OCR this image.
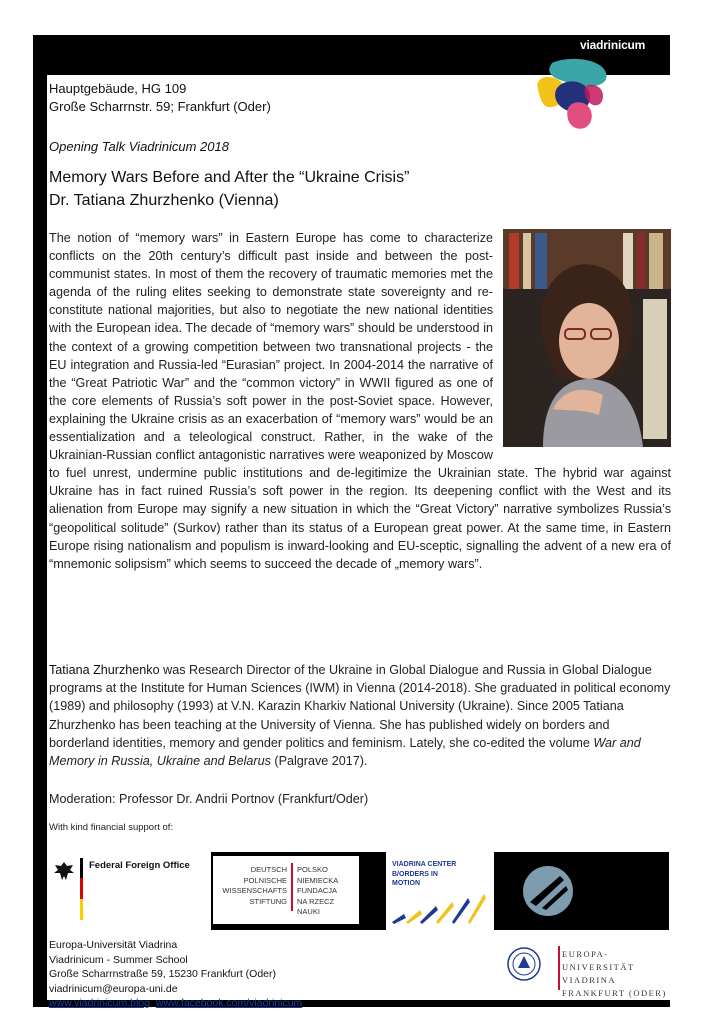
viadrinicum
Hauptgebäude, HG 109
Große Scharrnstr. 59; Frankfurt (Oder)
Opening Talk Viadrinicum 2018
Memory Wars Before and After the “Ukraine Crisis”
Dr. Tatiana Zhurzhenko (Vienna)
The notion of “memory wars” in Eastern Europe has come to characterize conflicts on the 20th century’s difficult past inside and between the post-communist states. In most of them the recovery of traumatic memories met the agenda of the ruling elites seeking to demonstrate state sovereignty and re-constitute national majorities, but also to negotiate the new national identities with the European idea. The decade of “memory wars” should be understood in the context of a growing competition between two transnational projects - the EU integration and Russia-led “Eurasian” project. In 2004-2014 the narrative of the “Great Patriotic War” and the “common victory” in WWII figured as one of the core elements of Russia’s soft power in the post-Soviet space. However, explaining the Ukraine crisis as an exacerbation of “memory wars” would be an essentialization and a teleological construct. Rather, in the wake of the Ukrainian-Russian conflict antagonistic narratives were weaponized by Moscow to fuel unrest, undermine public institutions and de-legitimize the Ukrainian state. The hybrid war against Ukraine has in fact ruined Russia’s soft power in the region. Its deepening conflict with the West and its alienation from Europe may signify a new situation in which the “Great Victory” narrative symbolizes Russia’s “geopolitical solitude” (Surkov) rather than its status of a European great power. At the same time, in Eastern Europe rising nationalism and populism is inward-looking and EU-sceptic, signalling the advent of a new era of “mnemonic solipsism” which seems to succeed the decade of „memory wars”.
Tatiana Zhurzhenko was Research Director of the Ukraine in Global Dialogue and Russia in Global Dialogue programs at the Institute for Human Sciences (IWM) in Vienna (2014-2018). She graduated in political economy (1989) and philosophy (1993) at V.N. Karazin Kharkiv National University (Ukraine). Since 2005 Tatiana Zhurzhenko has been teaching at the University of Vienna. She has published widely on borders and borderland identities, memory and gender politics and feminism. Lately, she co-edited the volume War and Memory in Russia, Ukraine and Belarus (Palgrave 2017).
Moderation: Professor Dr. Andrii Portnov (Frankfurt/Oder)
With kind financial support of:
Federal Foreign Office	DEUTSCH
POLNISCHE
WISSENSCHAFTS
STIFTUNG
POLSKO
NIEMIECKA
FUNDACJA
NA RZECZ NAUKI
VIADRINA CENTER
B/ORDERS IN
MOTION
Europa-Universität Viadrina
Viadrinicum - Summer School
Große Scharrnstraße 59, 15230 Frankfurt (Oder)
viadrinicum@europa-uni.de
www.viadrinicum.blog; www.facebook.com/viadrinicum
EUROPA-UNIVERSITÄT
VIADRINA
FRANKFURT (ODER)
